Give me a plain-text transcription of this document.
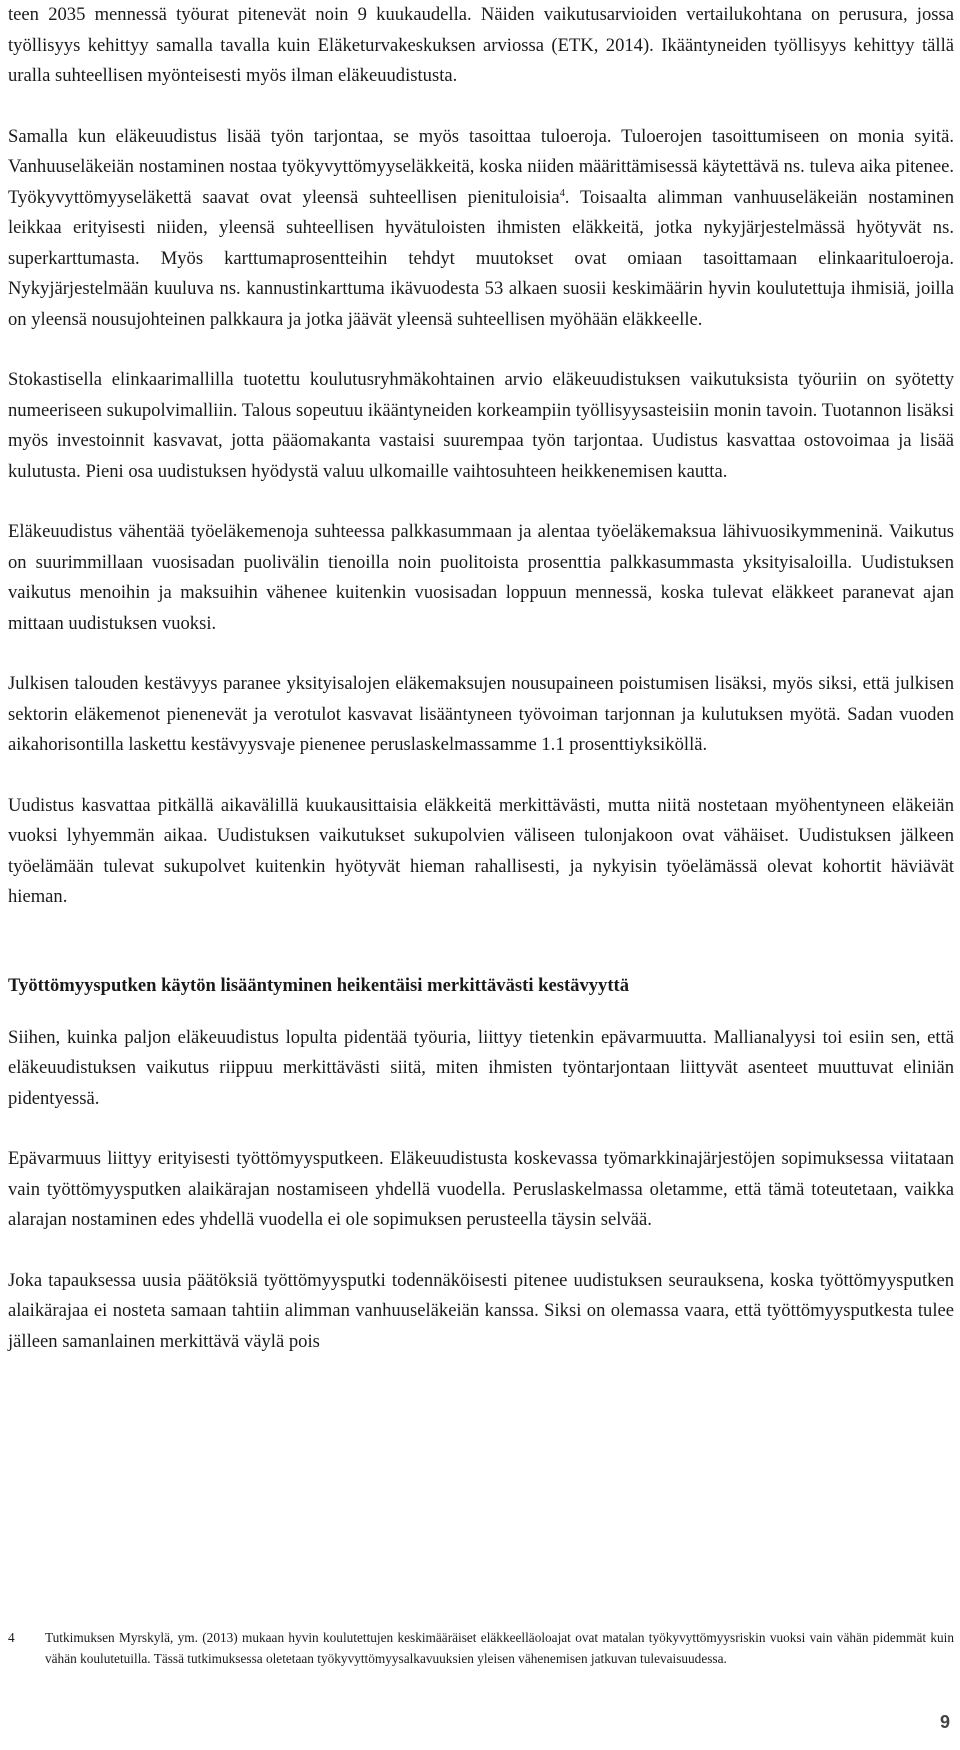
teen 2035 mennessä työurat pitenevät noin 9 kuukaudella. Näiden vaikutusarvioiden vertailukohtana on perusura, jossa työllisyys kehittyy samalla tavalla kuin Eläketurvakeskuksen arviossa (ETK, 2014). Ikääntyneiden työllisyys kehittyy tällä uralla suhteellisen myönteisesti myös ilman eläkeuudistusta.

Samalla kun eläkeuudistus lisää työn tarjontaa, se myös tasoittaa tuloeroja. Tuloerojen tasoittumiseen on monia syitä. Vanhuuseläkeiän nostaminen nostaa työkyvyttömyyseläkkeitä, koska niiden määrittämisessä käytettävä ns. tuleva aika pitenee. Työkyvyttömyyseläkettä saavat ovat yleensä suhteellisen pienituloisia$^4$. Toisaalta alimman vanhuuseläkeiän nostaminen leikkaa erityisesti niiden, yleensä suhteellisen hyvätuloisten ihmisten eläkkeitä, jotka nykyjärjestelmässä hyötyvät ns. superkarttumasta. Myös karttumaprosentteihin tehdyt muutokset ovat omiaan tasoittamaan elinkaarituloeroja. Nykyjärjestelmään kuuluva ns. kannustinkarttuma ikävuodesta 53 alkaen suosii keskimäärin hyvin koulutettuja ihmisiä, joilla on yleensä nousujohteinen palkkaura ja jotka jäävät yleensä suhteellisen myöhään eläkkeelle.

Stokastisella elinkaarimallilla tuotettu koulutusryhmäkohtainen arvio eläkeuudistuksen vaikutuksista työuriin on syötetty numeeriseen sukupolvimalliin. Talous sopeutuu ikääntyneiden korkeampiin työllisyysasteisiin monin tavoin. Tuotannon lisäksi myös investoinnit kasvavat, jotta pääomakanta vastaisi suurempaa työn tarjontaa. Uudistus kasvattaa ostovoimaa ja lisää kulutusta. Pieni osa uudistuksen hyödystä valuu ulkomaille vaihtosuhteen heikkenemisen kautta.

Eläkeuudistus vähentää työeläkemenoja suhteessa palkkasummaan ja alentaa työeläkemaksua lähivuosikymmeninä. Vaikutus on suurimmillaan vuosisadan puolivälin tienoilla noin puolitoista prosenttia palkkasummasta yksityisaloilla. Uudistuksen vaikutus menoihin ja maksuihin vähenee kuitenkin vuosisadan loppuun mennessä, koska tulevat eläkkeet paranevat ajan mittaan uudistuksen vuoksi.

Julkisen talouden kestävyys paranee yksityisalojen eläkemaksujen nousupaineen poistumisen lisäksi, myös siksi, että julkisen sektorin eläkemenot pienenevät ja verotulot kasvavat lisääntyneen työvoiman tarjonnan ja kulutuksen myötä. Sadan vuoden aikahorisontilla laskettu kestävyysvaje pienenee peruslaskelmassamme 1.1 prosenttiyksiköllä.

Uudistus kasvattaa pitkällä aikavälillä kuukausittaisia eläkkeitä merkittävästi, mutta niitä nostetaan myöhentyneen eläkeiän vuoksi lyhyemmän aikaa. Uudistuksen vaikutukset sukupolvien väliseen tulonjakoon ovat vähäiset. Uudistuksen jälkeen työelämään tulevat sukupolvet kuitenkin hyötyvät hieman rahallisesti, ja nykyisin työelämässä olevat kohortit häviävät hieman.

Työttömyysputken käytön lisääntyminen heikentäisi merkittävästi kestävyyttä

Siihen, kuinka paljon eläkeuudistus lopulta pidentää työuria, liittyy tietenkin epävarmuutta. Mallianalyysi toi esiin sen, että eläkeuudistuksen vaikutus riippuu merkittävästi siitä, miten ihmisten työntarjontaan liittyvät asenteet muuttuvat eliniän pidentyessä.

Epävarmuus liittyy erityisesti työttömyysputkeen. Eläkeuudistusta koskevassa työmarkkinajärjestöjen sopimuksessa viitataan vain työttömyysputken alaikärajan nostamiseen yhdellä vuodella. Peruslaskelmassa oletamme, että tämä toteutetaan, vaikka alarajan nostaminen edes yhdellä vuodella ei ole sopimuksen perusteella täysin selvää.

Joka tapauksessa uusia päätöksiä työttömyysputki todennäköisesti pitenee uudistuksen seurauksena, koska työttömyysputken alaikärajaa ei nosteta samaan tahtiin alimman vanhuuseläkeiän kanssa. Siksi on olemassa vaara, että työttömyysputkesta tulee jälleen samanlainen merkittävä väylä pois

4	Tutkimuksen Myrskylä, ym. (2013) mukaan hyvin koulutettujen keskimääräiset eläkkeelläoloajat ovat matalan työkyvyttömyysriskin vuoksi vain vähän pidemmät kuin vähän koulutetuilla. Tässä tutkimuksessa oletetaan työkyvyttömyysalkavuuksien yleisen vähenemisen jatkuvan tulevaisuudessa.
9
